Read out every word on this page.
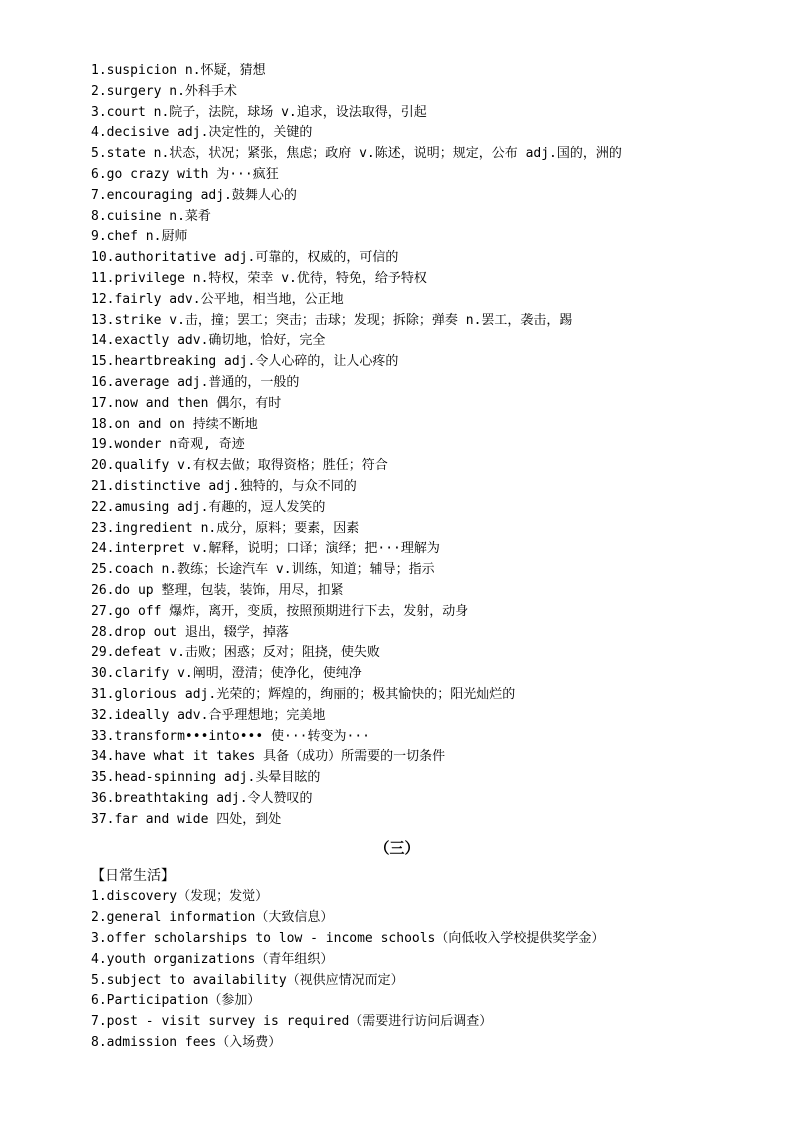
1.suspicion n.怀疑，猜想
2.surgery n.外科手术
3.court n.院子，法院，球场 v.追求，设法取得，引起
4.decisive adj.决定性的，关键的
5.state n.状态，状况；紧张，焦虑；政府 v.陈述，说明；规定，公布 adj.国的，洲的
6.go crazy with 为···疯狂
7.encouraging adj.鼓舞人心的
8.cuisine n.菜肴
9.chef n.厨师
10.authoritative adj.可靠的，权威的，可信的
11.privilege n.特权，荣幸 v.优待，特免，给予特权
12.fairly adv.公平地，相当地，公正地
13.strike v.击，撞；罢工；突击；击球；发现；拆除；弹奏 n.罢工，袭击，踢
14.exactly adv.确切地，恰好，完全
15.heartbreaking adj.令人心碎的，让人心疼的
16.average adj.普通的，一般的
17.now and then 偶尔，有时
18.on and on 持续不断地
19.wonder n奇观, 奇迹
20.qualify v.有权去做；取得资格；胜任；符合
21.distinctive adj.独特的，与众不同的
22.amusing adj.有趣的，逗人发笑的
23.ingredient n.成分，原料；要素，因素
24.interpret v.解释，说明；口译；演绎；把···理解为
25.coach n.教练；长途汽车 v.训练，知道；辅导；指示
26.do up 整理，包装，装饰，用尽，扣紧
27.go off 爆炸，离开，变质，按照预期进行下去，发射，动身
28.drop out 退出，辍学，掉落
29.defeat v.击败；困惑；反对；阻挠，使失败
30.clarify v.阐明，澄清；使净化，使纯净
31.glorious adj.光荣的；辉煌的，绚丽的；极其愉快的；阳光灿烂的
32.ideally adv.合乎理想地；完美地
33.transform•••into••• 使···转变为···
34.have what it takes 具备（成功）所需要的一切条件
35.head-spinning adj.头晕目眩的
36.breathtaking adj.令人赞叹的
37.far and wide 四处，到处
（三）
【日常生活】
1.discovery（发现；发觉）
2.general information（大致信息）
3.offer scholarships to low - income schools（向低收入学校提供奖学金）
4.youth organizations（青年组织）
5.subject to availability（视供应情况而定）
6.Participation（参加）
7.post - visit survey is required（需要进行访问后调查）
8.admission fees（入场费）
